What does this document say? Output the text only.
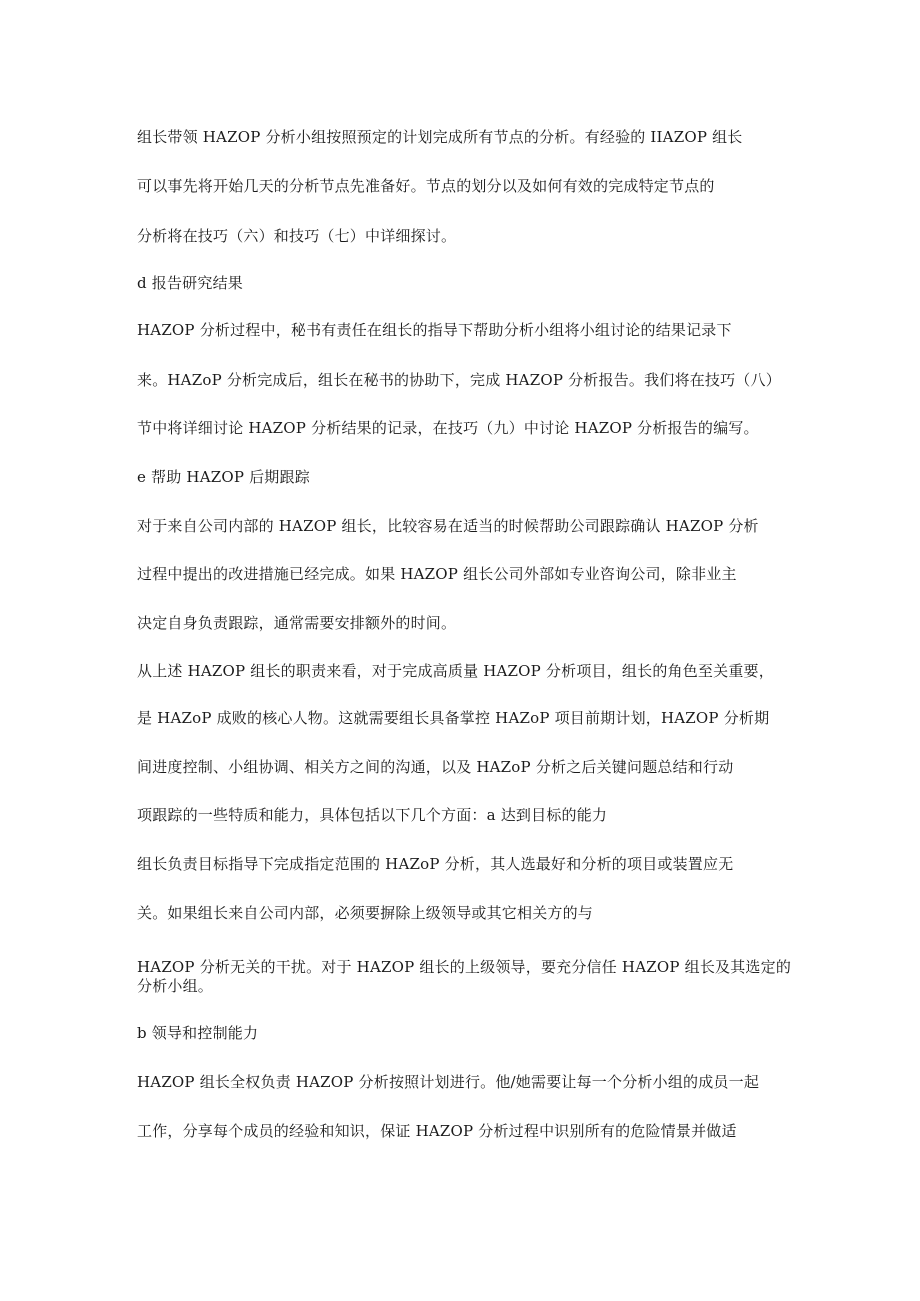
组长带领 HAZOP 分析小组按照预定的计划完成所有节点的分析。有经验的 IIAZOP 组长
可以事先将开始几天的分析节点先准备好。节点的划分以及如何有效的完成特定节点的
分析将在技巧（六）和技巧（七）中详细探讨。
d 报告研究结果
HAZOP 分析过程中，秘书有责任在组长的指导下帮助分析小组将小组讨论的结果记录下
来。HAZoP 分析完成后，组长在秘书的协助下，完成 HAZOP 分析报告。我们将在技巧（八）
节中将详细讨论 HAZOP 分析结果的记录，在技巧（九）中讨论 HAZOP 分析报告的编写。
e 帮助 HAZOP 后期跟踪
对于来自公司内部的 HAZOP 组长，比较容易在适当的时候帮助公司跟踪确认 HAZOP 分析
过程中提出的改进措施已经完成。如果 HAZOP 组长公司外部如专业咨询公司，除非业主
决定自身负责跟踪，通常需要安排额外的时间。
从上述 HAZOP 组长的职责来看，对于完成高质量 HAZOP 分析项目，组长的角色至关重要，
是 HAZoP 成败的核心人物。这就需要组长具备掌控 HAZoP 项目前期计划，HAZOP 分析期
间进度控制、小组协调、相关方之间的沟通，以及 HAZoP 分析之后关键问题总结和行动
项跟踪的一些特质和能力，具体包括以下几个方面：a 达到目标的能力
组长负责目标指导下完成指定范围的 HAZoP 分析，其人选最好和分析的项目或装置应无
关。如果组长来自公司内部，必须要摒除上级领导或其它相关方的与
HAZOP 分析无关的干扰。对于 HAZOP 组长的上级领导，要充分信任 HAZOP 组长及其选定的分析小组。
b 领导和控制能力
HAZOP 组长全权负责 HAZOP 分析按照计划进行。他/她需要让每一个分析小组的成员一起
工作，分享每个成员的经验和知识，保证 HAZOP 分析过程中识别所有的危险情景并做适
